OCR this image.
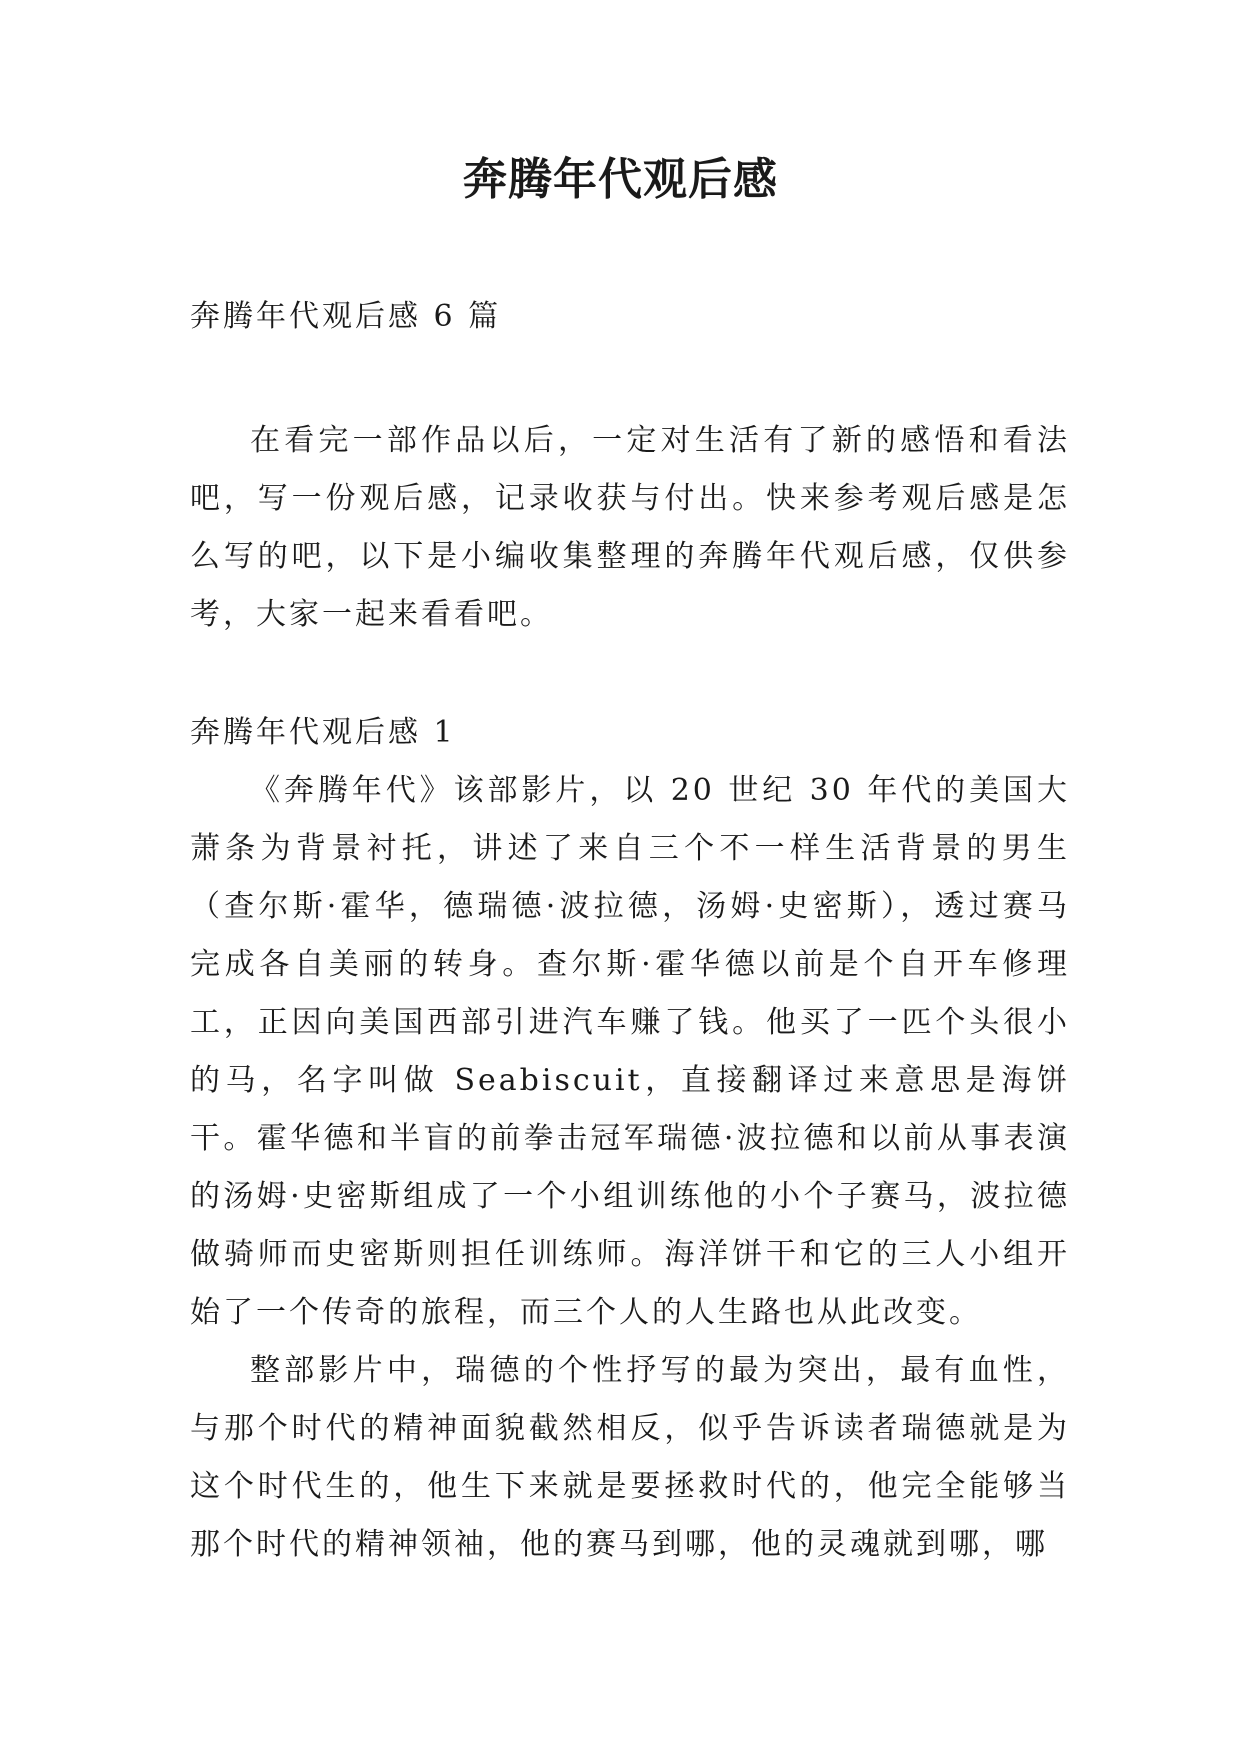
奔腾年代观后感

奔腾年代观后感 6 篇

在看完一部作品以后，一定对生活有了新的感悟和看法吧，写一份观后感，记录收获与付出。快来参考观后感是怎么写的吧，以下是小编收集整理的奔腾年代观后感，仅供参考，大家一起来看看吧。

奔腾年代观后感 1

《奔腾年代》该部影片，以 20 世纪 30 年代的美国大萧条为背景衬托，讲述了来自三个不一样生活背景的男生（查尔斯·霍华，德瑞德·波拉德，汤姆·史密斯），透过赛马完成各自美丽的转身。查尔斯·霍华德以前是个自开车修理工，正因向美国西部引进汽车赚了钱。他买了一匹个头很小的马，名字叫做 Seabiscuit，直接翻译过来意思是海饼干。霍华德和半盲的前拳击冠军瑞德·波拉德和以前从事表演的汤姆·史密斯组成了一个小组训练他的小个子赛马，波拉德做骑师而史密斯则担任训练师。海洋饼干和它的三人小组开始了一个传奇的旅程，而三个人的人生路也从此改变。

整部影片中，瑞德的个性抒写的最为突出，最有血性，与那个时代的精神面貌截然相反，似乎告诉读者瑞德就是为这个时代生的，他生下来就是要拯救时代的，他完全能够当那个时代的精神领袖，他的赛马到哪，他的灵魂就到哪，哪
